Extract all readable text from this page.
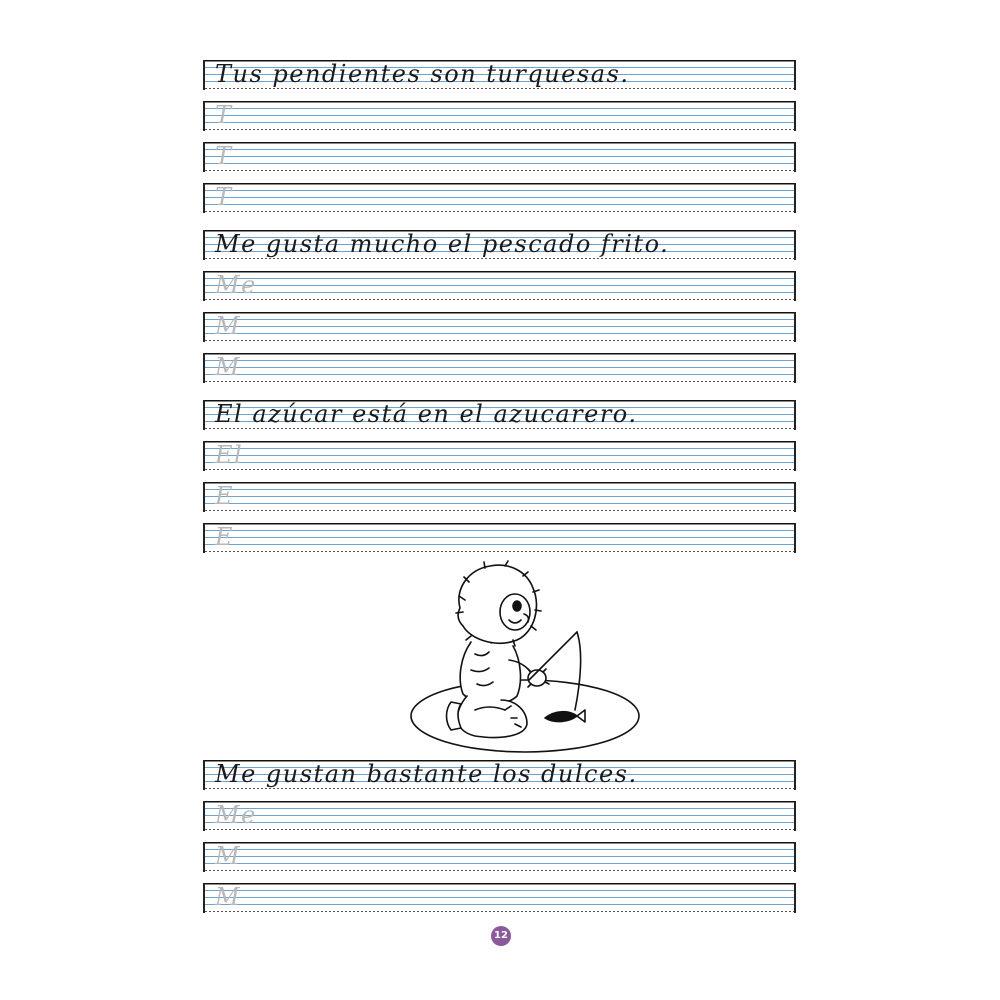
Tus pendientes son turquesas.
T
T
T
Me gusta mucho el pescado frito.
Me
M
M
El azúcar está en el azucarero.
El
E
E
Me gustan bastante los dulces.
Me
M
M
12
